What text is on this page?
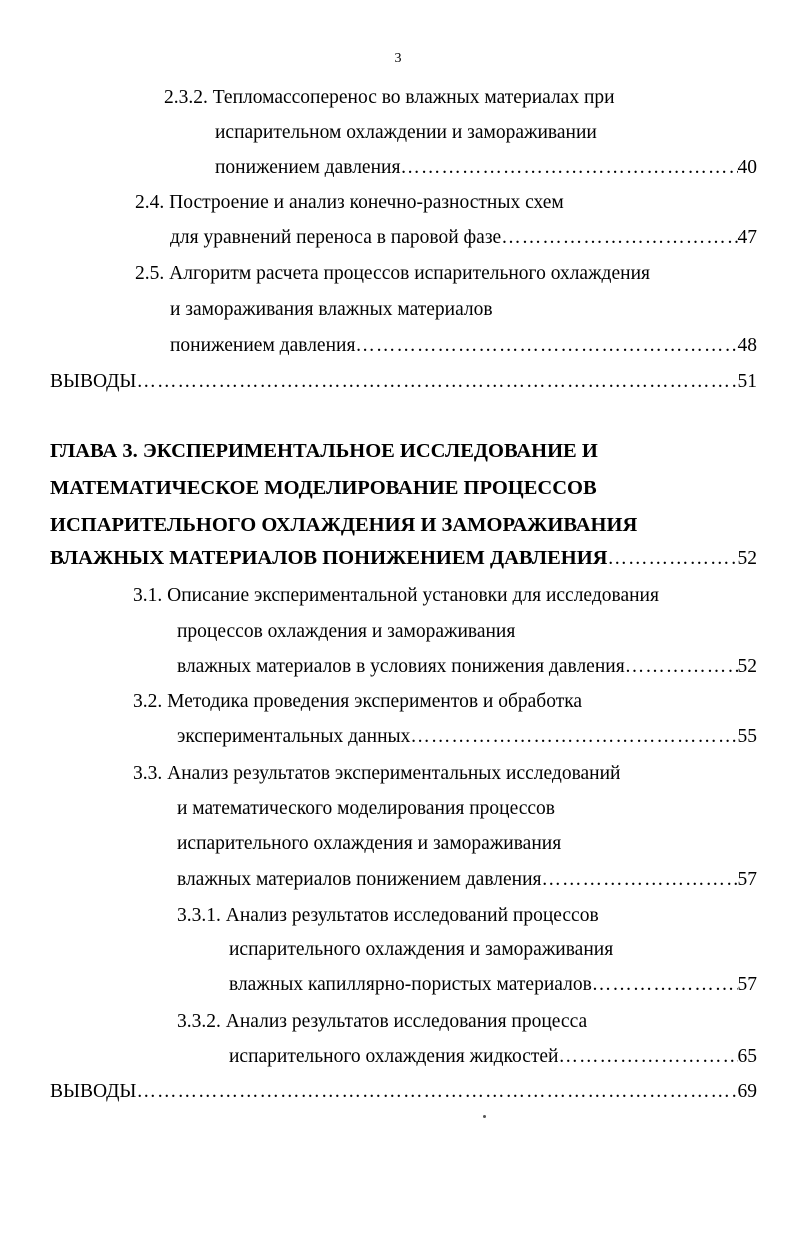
3
2.3.2. Тепломассоперенос во влажных материалах при
испарительном охлаждении и замораживании
понижением давления ………………………………………………………………………………………………………………………………………………………………	40
2.4. Построение и анализ конечно-разностных схем
для уравнений переноса в паровой фазе ………………………………………………………………………………………………………………………………………………………………	47
2.5. Алгоритм расчета процессов испарительного охлаждения
и замораживания влажных материалов
понижением давления ………………………………………………………………………………………………………………………………………………………………	48
ВЫВОДЫ ………………………………………………………………………………………………………………………………………………………………	51
ГЛАВА 3. ЭКСПЕРИМЕНТАЛЬНОЕ ИССЛЕДОВАНИЕ И
МАТЕМАТИЧЕСКОЕ МОДЕЛИРОВАНИЕ ПРОЦЕССОВ
ИСПАРИТЕЛЬНОГО ОХЛАЖДЕНИЯ И ЗАМОРАЖИВАНИЯ
ВЛАЖНЫХ МАТЕРИАЛОВ ПОНИЖЕНИЕМ ДАВЛЕНИЯ ………………………………………………………………………………………………………………………………………………………………	52
3.1. Описание экспериментальной установки для исследования
процессов охлаждения и замораживания
влажных материалов в условиях понижения давления ………………………………………………………………………………………………………………………………………………………………	52
3.2. Методика проведения экспериментов и обработка
экспериментальных данных ………………………………………………………………………………………………………………………………………………………………	55
3.3. Анализ результатов экспериментальных исследований
и математического моделирования процессов
испарительного охлаждения и замораживания
влажных материалов понижением давления ………………………………………………………………………………………………………………………………………………………………	57
3.3.1. Анализ результатов исследований процессов
испарительного охлаждения и замораживания
влажных капиллярно-пористых материалов ………………………………………………………………………………………………………………………………………………………………	57
3.3.2. Анализ результатов исследования процесса
испарительного охлаждения жидкостей ………………………………………………………………………………………………………………………………………………………………	65
ВЫВОДЫ ………………………………………………………………………………………………………………………………………………………………	69
